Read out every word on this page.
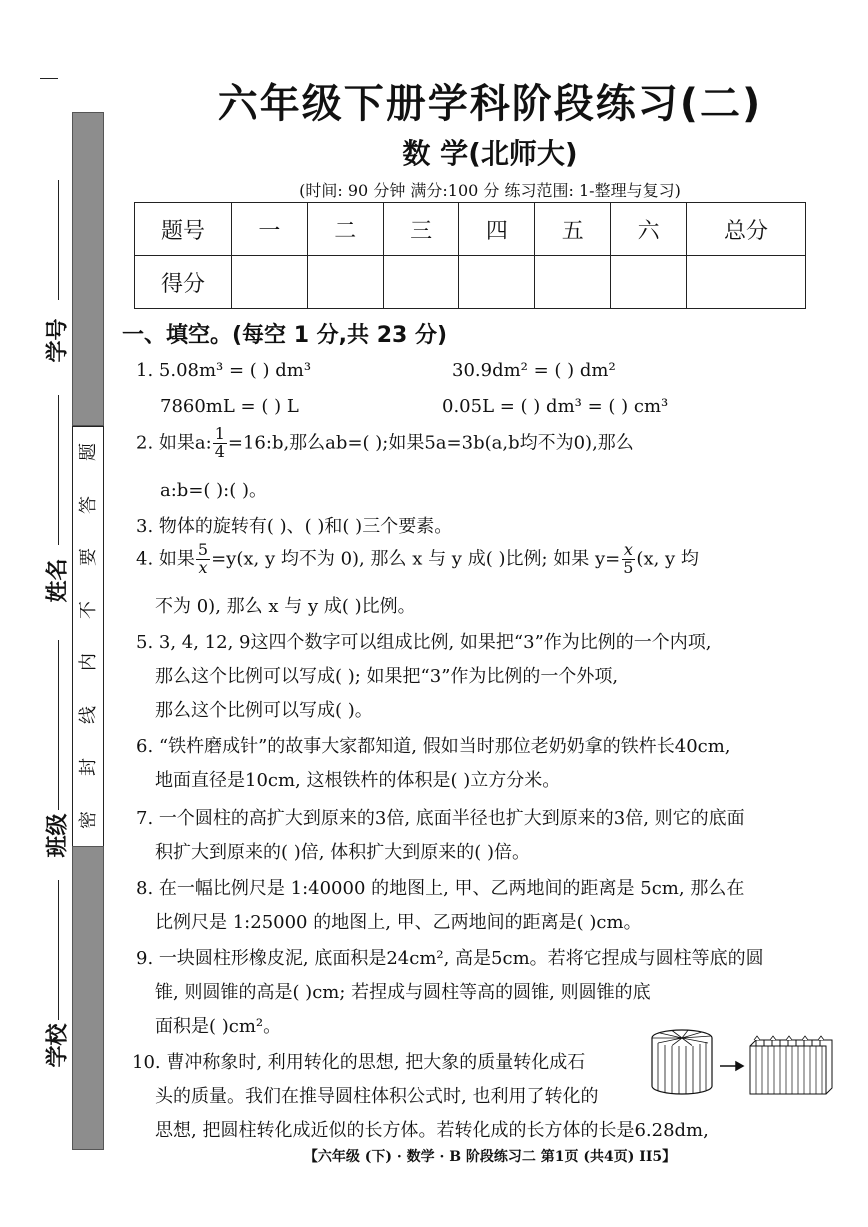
密
封
线
内
不
要
答
题
学号
姓名
班级
学校
六年级下册学科阶段练习(二)
数 学(北师大)
(时间: 90 分钟 满分:100 分 练习范围: 1-整理与复习)
题号	一	二	三	四	五	六	总分
得分							
一、填空。(每空 1 分,共 23 分)
1. 5.08m³ = ( ) dm³	30.9dm² = ( ) dm²
7860mL = ( ) L	0.05L = ( ) dm³ = ( ) cm³
2. 如果a: $\frac{1}{4}$ =16:b,那么ab=( );如果5a=3b(a,b均不为0),那么
a:b=( ):( )。
3. 物体的旋转有( )、( )和( )三个要素。
4. 如果 $\frac{5}{x} =y(x$, y 均不为 0), 那么 x 与 y 成( )比例; 如果 $y= \frac{x}{5} (x$, y 均
不为 0), 那么 x 与 y 成( )比例。
5. 3, 4, 12, 9这四个数字可以组成比例, 如果把“3”作为比例的一个内项,
那么这个比例可以写成( ); 如果把“3”作为比例的一个外项,
那么这个比例可以写成( )。
6. “铁杵磨成针”的故事大家都知道, 假如当时那位老奶奶拿的铁杵长40cm,
地面直径是10cm, 这根铁杵的体积是( )立方分米。
7. 一个圆柱的高扩大到原来的3倍, 底面半径也扩大到原来的3倍, 则它的底面
积扩大到原来的( )倍, 体积扩大到原来的( )倍。
8. 在一幅比例尺是 1:40000 的地图上, 甲、乙两地间的距离是 5cm, 那么在
比例尺是 1:25000 的地图上, 甲、乙两地间的距离是( )cm。
9. 一块圆柱形橡皮泥, 底面积是24cm², 高是5cm。若将它捏成与圆柱等底的圆
锥, 则圆锥的高是( )cm; 若捏成与圆柱等高的圆锥, 则圆锥的底
面积是( )cm²。
10. 曹冲称象时, 利用转化的思想, 把大象的质量转化成石
头的质量。我们在推导圆柱体积公式时, 也利用了转化的
思想, 把圆柱转化成近似的长方体。若转化成的长方体的长是6.28dm,
【六年级 (下) · 数学 · B 阶段练习二 第1页 (共4页) II5】
